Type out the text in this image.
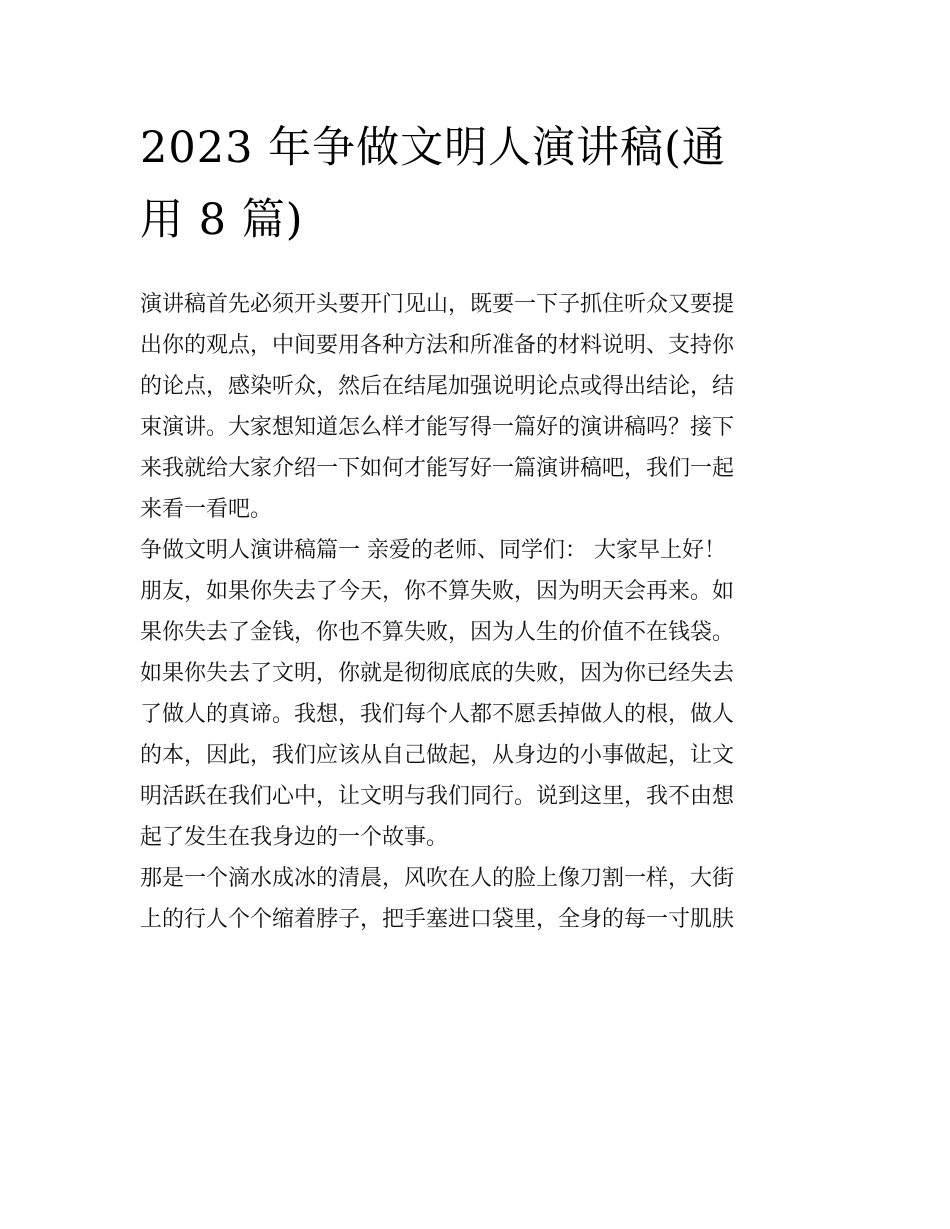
2023 年争做文明人演讲稿(通
用 8 篇)
演讲稿首先必须开头要开门见山，既要一下子抓住听众又要提
出你的观点，中间要用各种方法和所准备的材料说明、支持你
的论点，感染听众，然后在结尾加强说明论点或得出结论，结
束演讲。大家想知道怎么样才能写得一篇好的演讲稿吗？接下
来我就给大家介绍一下如何才能写好一篇演讲稿吧，我们一起
来看一看吧。
争做文明人演讲稿篇一 亲爱的老师、同学们： 大家早上好！
朋友，如果你失去了今天，你不算失败，因为明天会再来。如
果你失去了金钱，你也不算失败，因为人生的价值不在钱袋。
如果你失去了文明，你就是彻彻底底的失败，因为你已经失去
了做人的真谛。我想，我们每个人都不愿丢掉做人的根，做人
的本，因此，我们应该从自己做起，从身边的小事做起，让文
明活跃在我们心中，让文明与我们同行。说到这里，我不由想
起了发生在我身边的一个故事。
那是一个滴水成冰的清晨，风吹在人的脸上像刀割一样，大街
上的行人个个缩着脖子，把手塞进口袋里，全身的每一寸肌肤
